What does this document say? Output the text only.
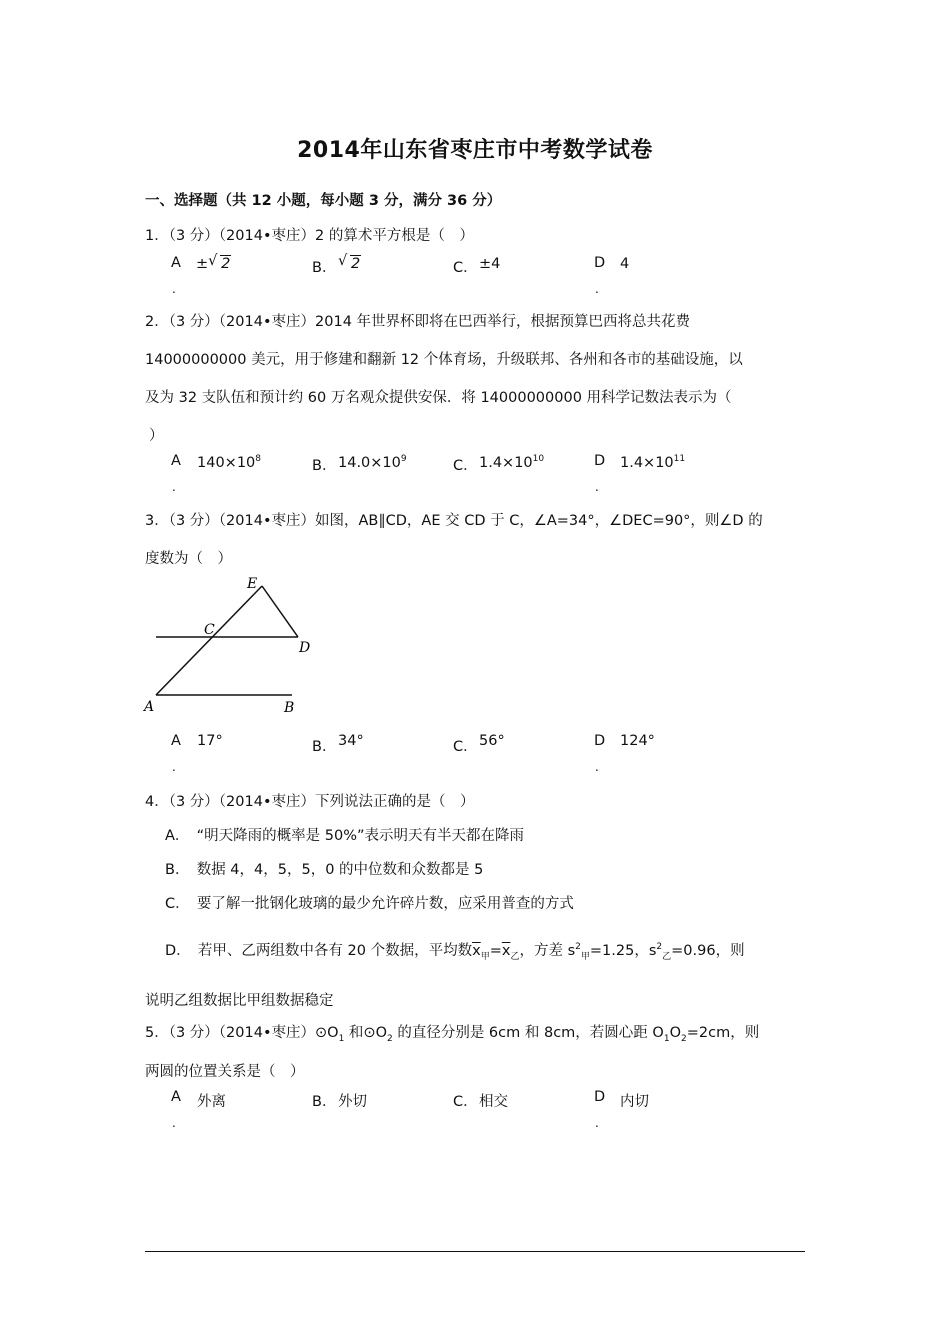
2014年山东省枣庄市中考数学试卷
一、选择题（共 12 小题，每小题 3 分，满分 36 分）
1．（3 分）（2014•枣庄）2 的算术平方根是（　）
A ± √ 2
.
B． √ 2	C． ±4	D 4
.
2．（3 分）（2014•枣庄）2014 年世界杯即将在巴西举行，根据预算巴西将总共花费
14000000000 美元，用于修建和翻新 12 个体育场，升级联邦、各州和各市的基础设施，以
及为 32 支队伍和预计约 60 万名观众提供安保．将 14000000000 用科学记数法表示为（
）
A $140\times 10^8$
.
B． $14.0\times 10^9$	C． $1.4\times 10^{10}$	D $1.4\times 10^{11}$
.
3．（3 分）（2014•枣庄）如图，AB∥CD，AE 交 CD 于 C，∠A=34°，∠DEC=90°，则∠D 的
度数为（　）
E
C
D
A	B
A 17°
.
B． 34°	C． 56°	D 124°
.
4．（3 分）（2014•枣庄）下列说法正确的是（　）
A．　“明天降雨的概率是 50%”表示明天有半天都在降雨
B．　数据 4，4，5，5，0 的中位数和众数都是 5
C．　要了解一批钢化玻璃的最少允许碎片数，应采用普查的方式
D．　若甲、乙两组数中各有 20 个数据，平均数$\overline{x}_甲=\overline{x}_乙$，方差 $s^2_甲=1.25$，$s^2_乙=0.96$，则
说明乙组数据比甲组数据稳定
5．（3 分）（2014•枣庄）$⊙O_1$ 和$⊙O_2$ 的直径分别是 6cm 和 8cm，若圆心距 $O_1O_2=2cm$，则
两圆的位置关系是（　）
A 外离
.
B． 外切	C． 相交	D 内切
.
